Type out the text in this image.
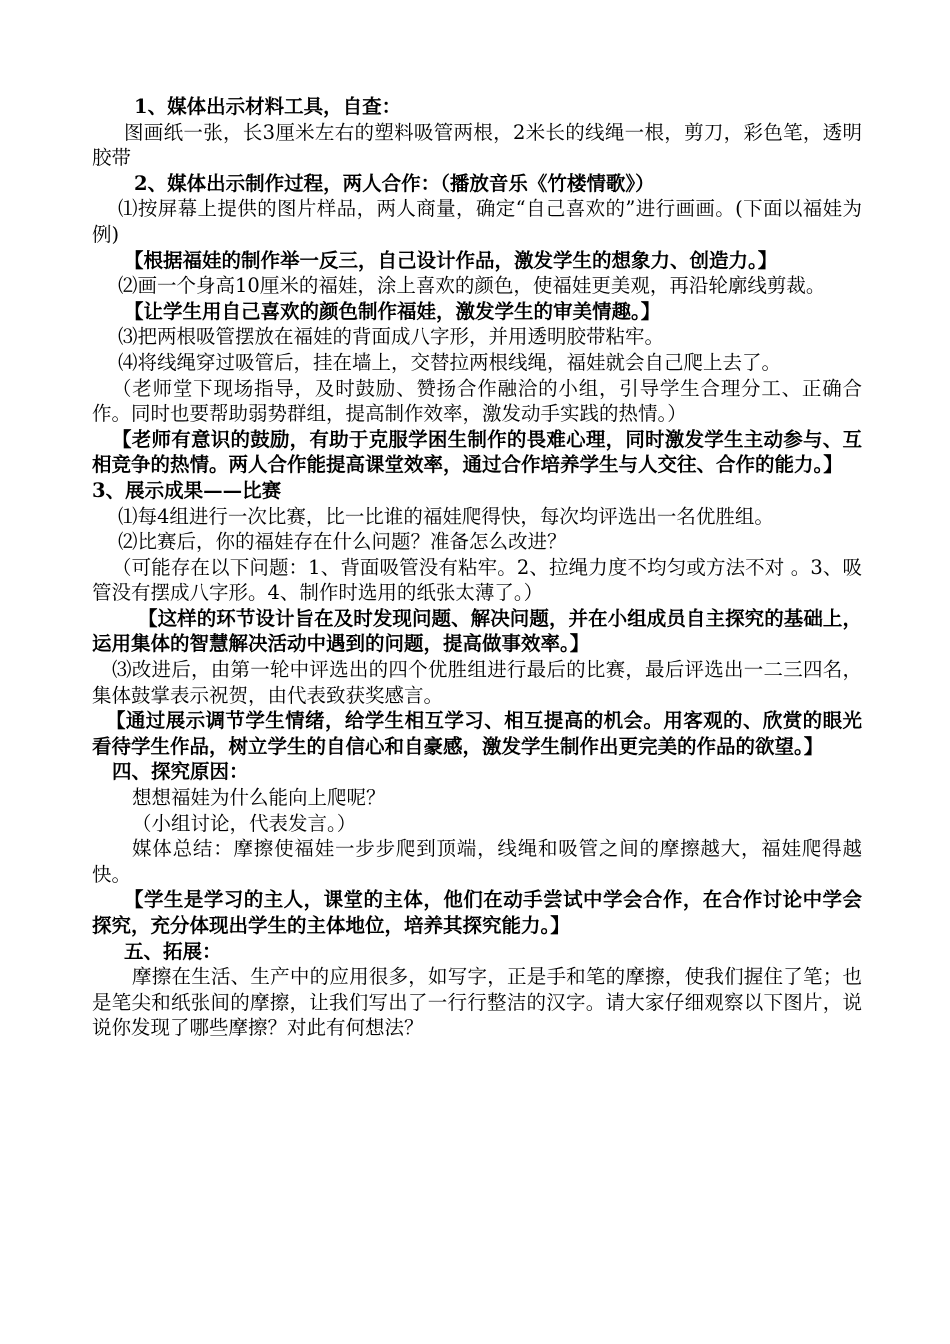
1、媒体出示材料工具，自查：

图画纸一张，长3厘米左右的塑料吸管两根，2米长的线绳一根，剪刀，彩色笔，透明胶带

2、媒体出示制作过程，两人合作：（播放音乐《竹楼情歌》）

⑴按屏幕上提供的图片样品，两人商量，确定“自己喜欢的”进行画画。(下面以福娃为例)

【根据福娃的制作举一反三，自己设计作品，激发学生的想象力、创造力。】

⑵画一个身高10厘米的福娃，涂上喜欢的颜色，使福娃更美观，再沿轮廓线剪裁。

【让学生用自己喜欢的颜色制作福娃，激发学生的审美情趣。】

⑶把两根吸管摆放在福娃的背面成八字形，并用透明胶带粘牢。

⑷将线绳穿过吸管后，挂在墙上，交替拉两根线绳，福娃就会自己爬上去了。

（老师堂下现场指导，及时鼓励、赞扬合作融洽的小组，引导学生合理分工、正确合作。同时也要帮助弱势群组，提高制作效率，激发动手实践的热情。）

【老师有意识的鼓励，有助于克服学困生制作的畏难心理，同时激发学生主动参与、互相竞争的热情。两人合作能提高课堂效率，通过合作培养学生与人交往、合作的能力。】

3、展示成果——比赛

⑴每4组进行一次比赛，比一比谁的福娃爬得快，每次均评选出一名优胜组。

⑵比赛后，你的福娃存在什么问题？准备怎么改进？

（可能存在以下问题：1、背面吸管没有粘牢。2、拉绳力度不均匀或方法不对 。3、吸管没有摆成八字形。4、制作时选用的纸张太薄了。）

【这样的环节设计旨在及时发现问题、解决问题，并在小组成员自主探究的基础上，运用集体的智慧解决活动中遇到的问题，提高做事效率。】

⑶改进后，由第一轮中评选出的四个优胜组进行最后的比赛，最后评选出一二三四名，集体鼓掌表示祝贺，由代表致获奖感言。

【通过展示调节学生情绪，给学生相互学习、相互提高的机会。用客观的、欣赏的眼光看待学生作品，树立学生的自信心和自豪感，激发学生制作出更完美的作品的欲望。】

四、探究原因：

想想福娃为什么能向上爬呢？

（小组讨论，代表发言。）

媒体总结：摩擦使福娃一步步爬到顶端，线绳和吸管之间的摩擦越大，福娃爬得越快。

【学生是学习的主人，课堂的主体，他们在动手尝试中学会合作，在合作讨论中学会探究，充分体现出学生的主体地位，培养其探究能力。】

五、拓展：

摩擦在生活、生产中的应用很多，如写字，正是手和笔的摩擦，使我们握住了笔；也是笔尖和纸张间的摩擦，让我们写出了一行行整洁的汉字。请大家仔细观察以下图片，说说你发现了哪些摩擦？对此有何想法？
